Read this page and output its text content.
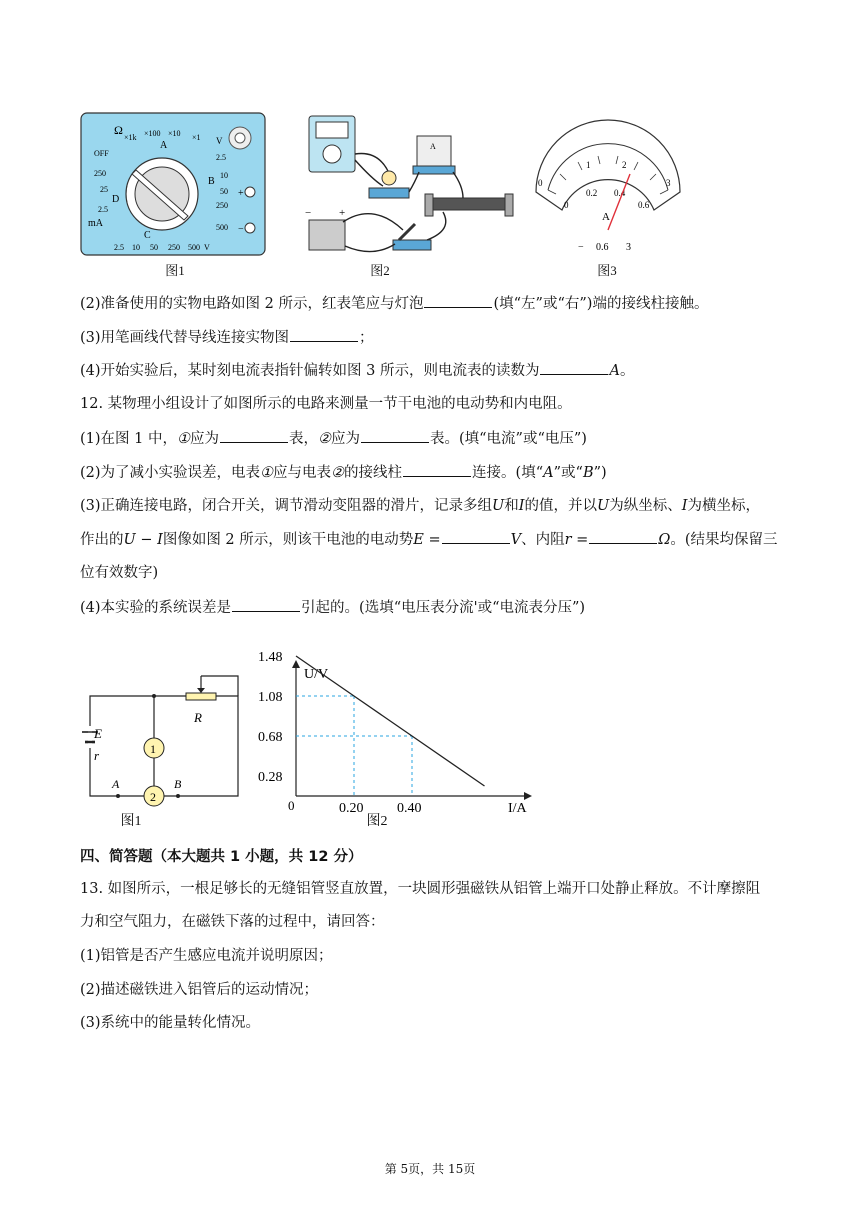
Ω
×1k ×100 ×10 ×1
OFF
250
25
D
2.5
mA
V
2.5
B
10
50
250
500
A
C
2.5 10 50 250 500 V
+
−
图1
A
−	+
图2
0
1	2
3
0
0.2 0.4
0.6
A
− 0.6 3
图3
(2)准备使用的实物电路如图 2 所示，红表笔应与灯泡	(填“左”或“右”)端的接线柱接触。
(3)用笔画线代替导线连接实物图	；
(4)开始实验后，某时刻电流表指针偏转如图 3 所示，则电流表的读数为	A。
12. 某物理小组设计了如图所示的电路来测量一节干电池的电动势和内电阻。
(1)在图 1 中，①应为	表，②应为	表。(填“电流”或“电压”)
(2)为了减小实验误差，电表①应与电表②的接线柱	连接。(填“A”或“B”)
(3)正确连接电路，闭合开关，调节滑动变阻器的滑片，记录多组U和I的值，并以U为纵坐标、I为横坐标，
作出的U − I图像如图 2 所示，则该干电池的电动势E =	V、内阻r =	Ω。(结果均保留三
位有效数字)
(4)本实验的系统误差是	引起的。(选填“电压表分流'或“电流表分压”)
E
r
R
1
2
A	B
图1
U/V
I/A
0
1.48
1.08
0.68
0.28
0.20 0.40
图2
四、简答题（本大题共 1 小题，共 12 分）
13. 如图所示，一根足够长的无缝铝管竖直放置，一块圆形强磁铁从铝管上端开口处静止释放。不计摩擦阻
力和空气阻力，在磁铁下落的过程中，请回答：
(1)铝管是否产生感应电流并说明原因；
(2)描述磁铁进入铝管后的运动情况；
(3)系统中的能量转化情况。
第 5页，共 15页
